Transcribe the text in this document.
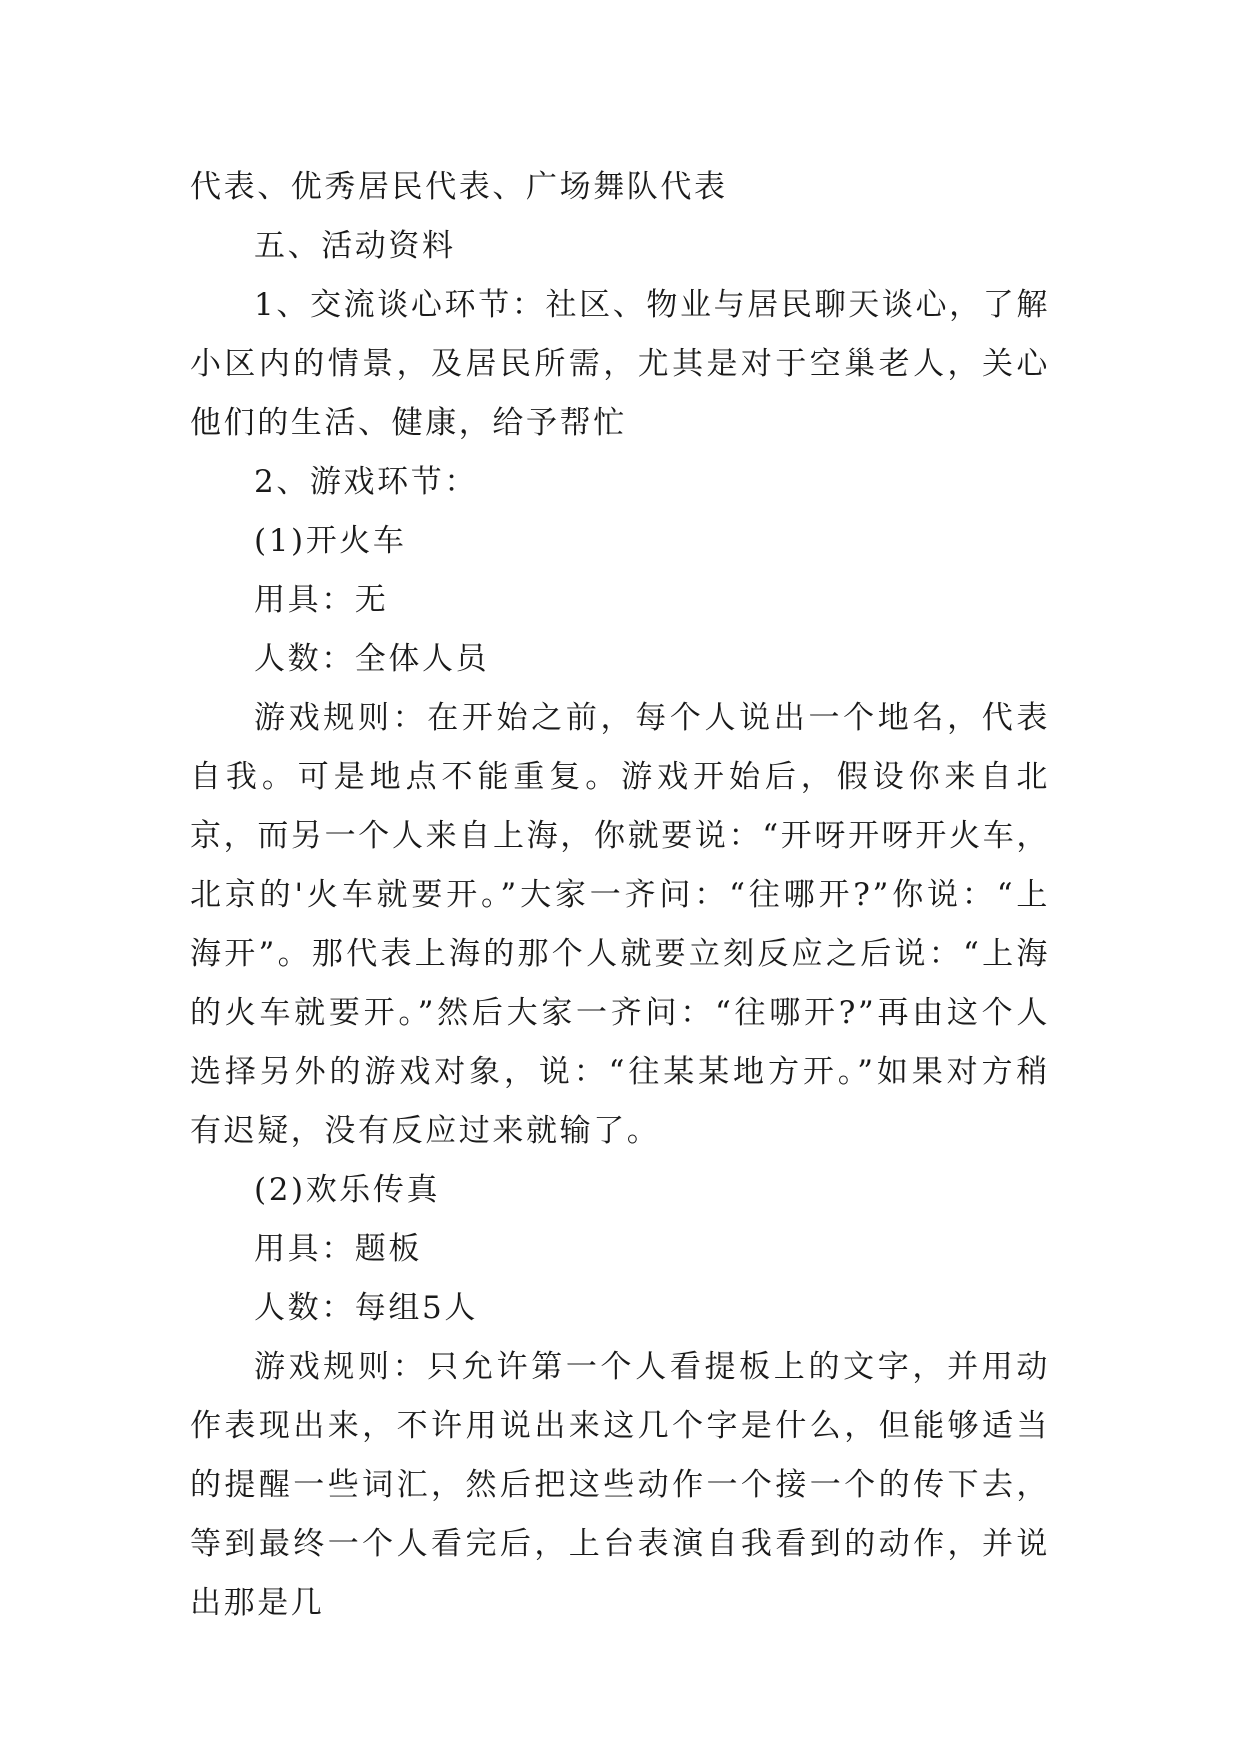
代表、优秀居民代表、广场舞队代表

五、活动资料

1、交流谈心环节：社区、物业与居民聊天谈心，了解小区内的情景，及居民所需，尤其是对于空巢老人，关心他们的生活、健康，给予帮忙

2、游戏环节：

(1)开火车

用具：无

人数：全体人员

游戏规则：在开始之前，每个人说出一个地名，代表自我。可是地点不能重复。游戏开始后，假设你来自北京，而另一个人来自上海，你就要说：“开呀开呀开火车，北京的'火车就要开。”大家一齐问：“往哪开?”你说：“上海开”。那代表上海的那个人就要立刻反应之后说：“上海的火车就要开。”然后大家一齐问：“往哪开?”再由这个人选择另外的游戏对象，说：“往某某地方开。”如果对方稍有迟疑，没有反应过来就输了。

(2)欢乐传真

用具：题板

人数：每组5人

游戏规则：只允许第一个人看提板上的文字，并用动作表现出来，不许用说出来这几个字是什么，但能够适当的提醒一些词汇，然后把这些动作一个接一个的传下去，等到最终一个人看完后，上台表演自我看到的动作，并说出那是几
